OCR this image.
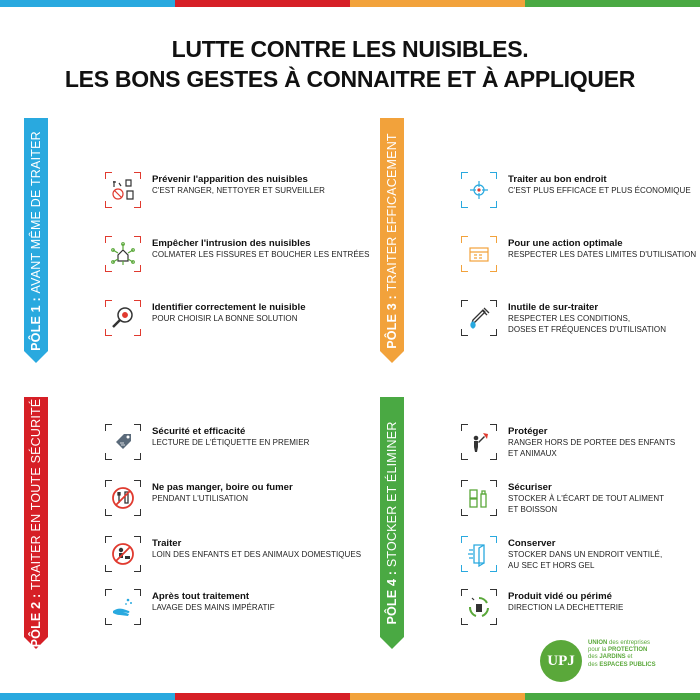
LUTTE CONTRE LES NUISIBLES.
LES BONS GESTES À CONNAITRE ET À APPLIQUER
PÔLE 1 : AVANT MÊME DE TRAITER
PÔLE 3 : TRAITER EFFICACEMENT
PÔLE 2 : TRAITER EN TOUTE SÉCURITÉ
PÔLE 4 : STOCKER ET ÉLIMINER
Prévenir l'apparition des nuisibles
C'EST RANGER, NETTOYER ET SURVEILLER
Empêcher l'intrusion des nuisibles
COLMATER LES FISSURES ET BOUCHER LES ENTRÉES
Identifier correctement le nuisible
POUR CHOISIR LA BONNE SOLUTION
Traiter au bon endroit
C'EST PLUS EFFICACE ET PLUS ÉCONOMIQUE
Pour une action optimale
RESPECTER LES DATES LIMITES D'UTILISATION
Inutile de sur-traiter
RESPECTER LES CONDITIONS,
DOSES ET FRÉQUENCES D'UTILISATION
Sécurité et efficacité
LECTURE DE L'ÉTIQUETTE EN PREMIER
Ne pas manger, boire ou fumer
PENDANT L'UTILISATION
Traiter
LOIN DES ENFANTS ET DES ANIMAUX DOMESTIQUES
Après tout traitement
LAVAGE DES MAINS IMPÉRATIF
Protéger
RANGER HORS DE PORTEE DES ENFANTS
ET ANIMAUX
Sécuriser
STOCKER À L'ÉCART DE TOUT ALIMENT
ET BOISSON
Conserver
STOCKER DANS UN ENDROIT VENTILÉ,
AU SEC ET HORS GEL
Produit vidé ou périmé
DIRECTION LA DECHETTERIE
UPJ
UNION des entreprises
pour la PROTECTION
des JARDINS et
des ESPACES PUBLICS
